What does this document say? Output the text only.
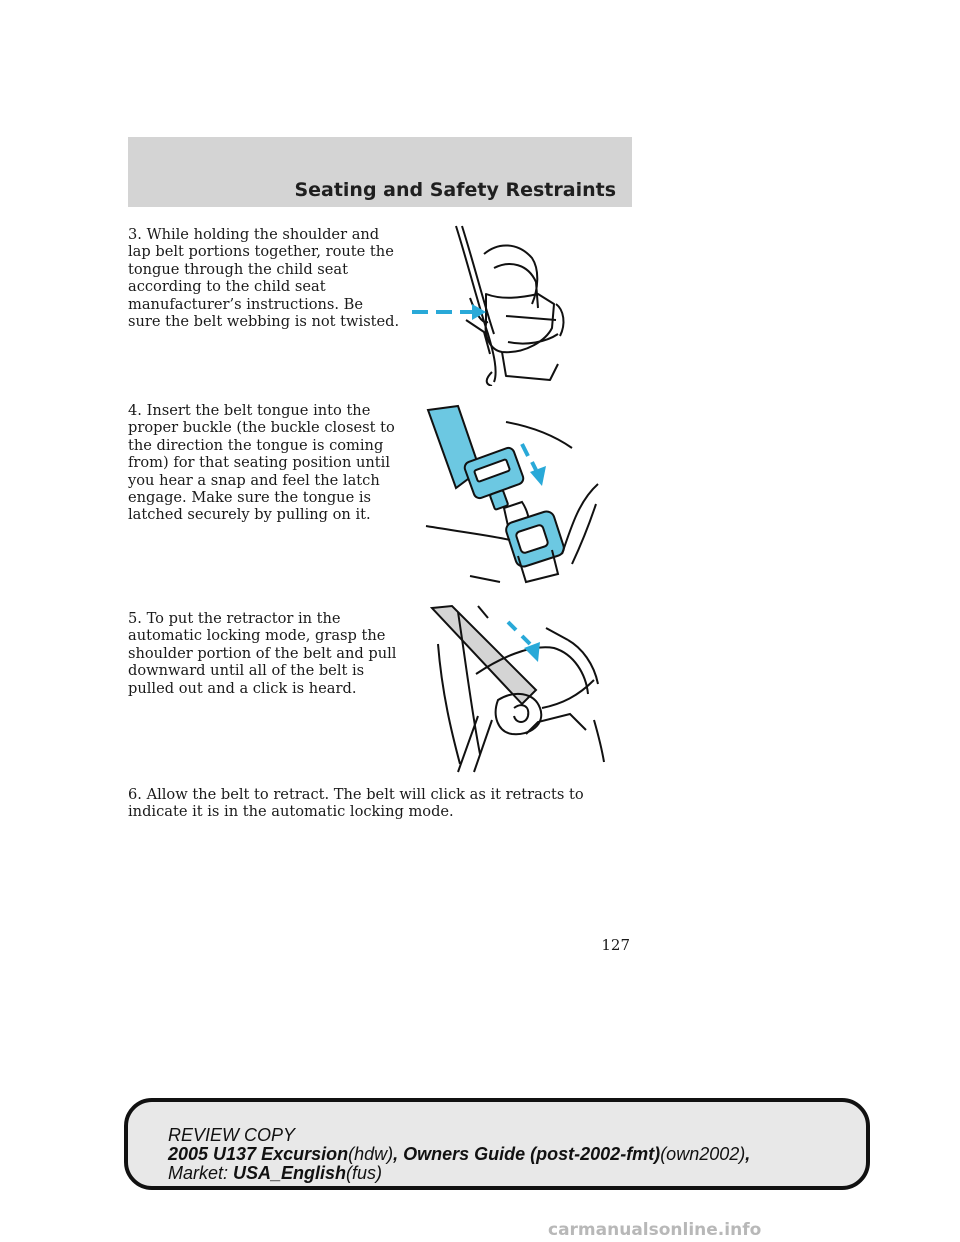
Seating and Safety Restraints

3. While holding the shoulder and lap belt portions together, route the tongue through the child seat according to the child seat manufacturer’s instructions. Be sure the belt webbing is not twisted.

4. Insert the belt tongue into the proper buckle (the buckle closest to the direction the tongue is coming from) for that seating position until you hear a snap and feel the latch engage. Make sure the tongue is latched securely by pulling on it.

5. To put the retractor in the automatic locking mode, grasp the shoulder portion of the belt and pull downward until all of the belt is pulled out and a click is heard.

6. Allow the belt to retract. The belt will click as it retracts to indicate it is in the automatic locking mode.

127
REVIEW COPY
2005 U137 Excursion(hdw), Owners Guide (post-2002-fmt)(own2002),
Market: USA_English(fus)
carmanualsonline.info
